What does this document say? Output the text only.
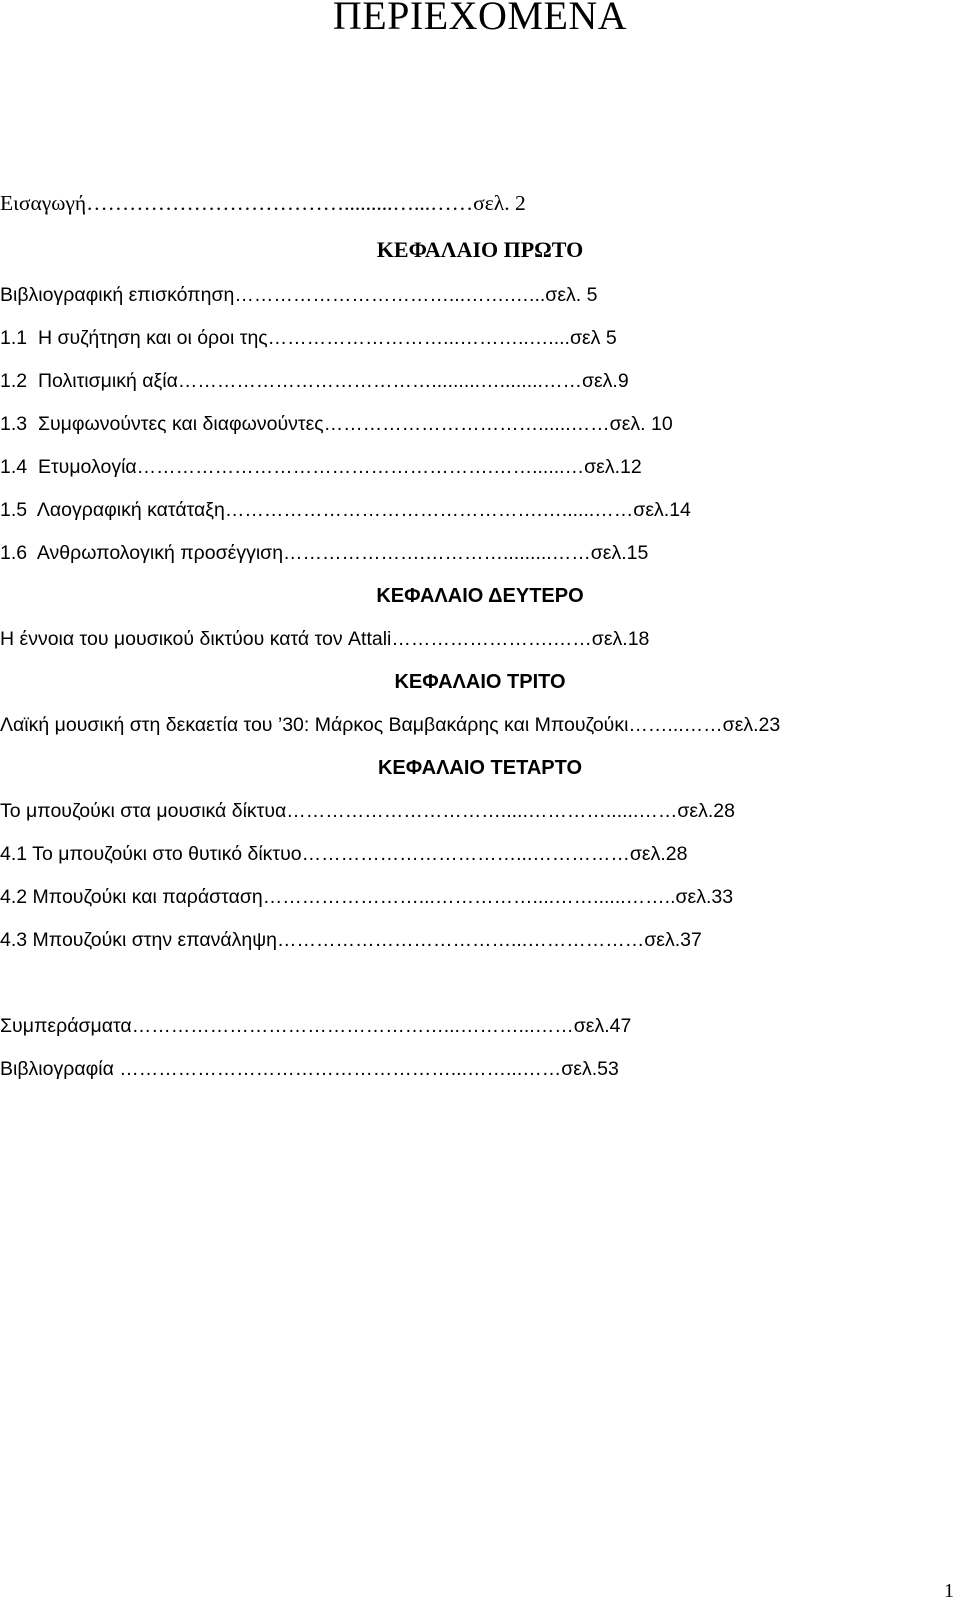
ΠΕΡΙΕΧΟΜΕΝΑ
Εισαγωγή……………………………….........…...……σελ. 2
ΚΕΦΑΛΑΙΟ ΠΡΩΤΟ
Βιβλιογραφική επισκόπηση……………………………...…….…...σελ. 5
1.1  Η συζήτηση και οι όροι της………………………...………..…....σελ 5
1.2  Πολιτισμική αξία………………………………….........…........……σελ.9
1.3  Συμφωνούντες και διαφωνούντες……………………………......……σελ. 10
1.4  Ετυμολογία……………………………………………….……......…σελ.12
1.5  Λαογραφική κατάταξη………………………………………….…......……σελ.14
1.6  Ανθρωπολογική προσέγγιση………………….………….........……σελ.15
ΚΕΦΑΛΑΙΟ ΔΕΥΤΕΡΟ
Η έννοια του μουσικού δικτύου κατά τον Attali…………………….……σελ.18
ΚΕΦΑΛΑΙΟ ΤΡΙΤΟ
Λαϊκή μουσική στη δεκαετία του ’30: Μάρκος Βαμβακάρης και Μπουζούκι……...……σελ.23
ΚΕΦΑΛΑΙΟ ΤΕΤΑΡΤΟ
Το μπουζούκι στα μουσικά δίκτυα…………………………….....…………......……σελ.28
4.1 Το μπουζούκι στο θυτικό δίκτυο……………………………...……………σελ.28
4.2 Μπουζούκι και παράσταση……………………...……………....……......……..σελ.33
4.3 Μπουζούκι στην επανάληψη………………………………...………………σελ.37
Συμπεράσματα…………………………………………...………...……σελ.47
Βιβλιογραφία ……………………………………………...……...……σελ.53
1
